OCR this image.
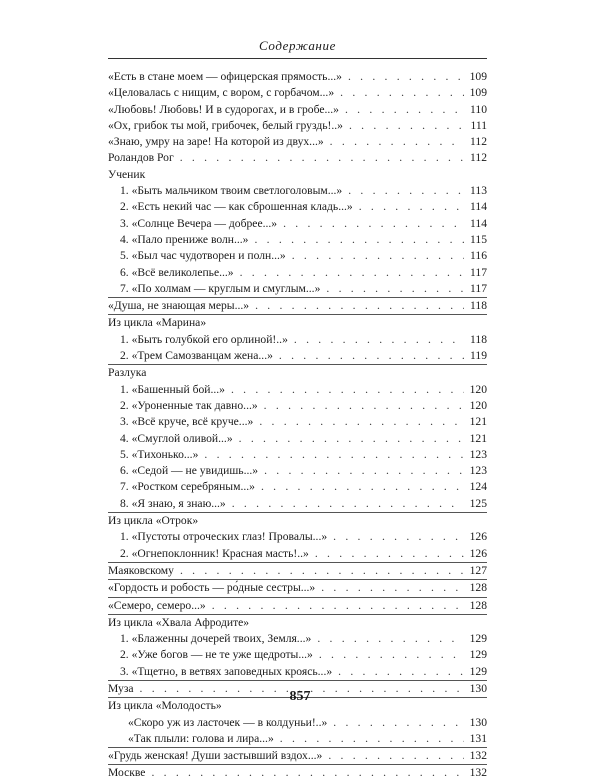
Содержание
«Есть в стане моем — офицерская прямость...» . . .	109
«Целовалась с нищим, с вором, с горбачом...» . . .	109
«Любовь! Любовь! И в судорогах, и в гробе...» . . .	110
«Ох, грибок ты мой, грибочек, белый груздь!..» . . .	111
«Знаю, умру на заре! На которой из двух...» . . .	112
Роландов Рог . . .	112
Ученик
1. «Быть мальчиком твоим светлоголовым...» . . .	113
2. «Есть некий час — как сброшенная кладь...» . . .	114
3. «Солнце Вечера — добрее...» . . .	114
4. «Пало прениже волн...» . . .	115
5. «Был час чудотворен и полн...» . . .	116
6. «Всё великолепье...» . . .	117
7. «По холмам — круглым и смуглым...» . . .	117
«Душа, не знающая меры...» . . .	118
Из цикла «Марина»
1. «Быть голубкой его орлиной!..» . . .	118
2. «Трем Самозванцам жена...» . . .	119
Разлука
1. «Башенный бой...» . . .	120
2. «Уроненные так давно...» . . .	120
3. «Всё круче, всё круче...» . . .	121
4. «Смуглой оливой...» . . .	121
5. «Тихонько...» . . .	123
6. «Седой — не увидишь...» . . .	123
7. «Ростком серебряным...» . . .	124
8. «Я знаю, я знаю...» . . .	125
Из цикла «Отрок»
1. «Пустоты отроческих глаз! Провалы...» . . .	126
2. «Огнепоклонник! Красная масть!..» . . .	126
Маяковскому . . .	127
«Гордость и робость — ро́дные сестры...» . . .	128
«Семеро, семеро...» . . .	128
Из цикла «Хвала Афродите»
1. «Блаженны дочерей твоих, Земля...» . . .	129
2. «Уже богов — не те уже щедроты...» . . .	129
3. «Тщетно, в ветвях заповедных кроясь...» . . .	129
Муза . . .	130
Из цикла «Молодость»
«Скоро уж из ласточек — в колдуньи!..» . . .	130
«Так плыли: голова и лира...» . . .	131
«Грудь женская! Души застывший вздох...» . . .	132
Москве . . .	132
857
